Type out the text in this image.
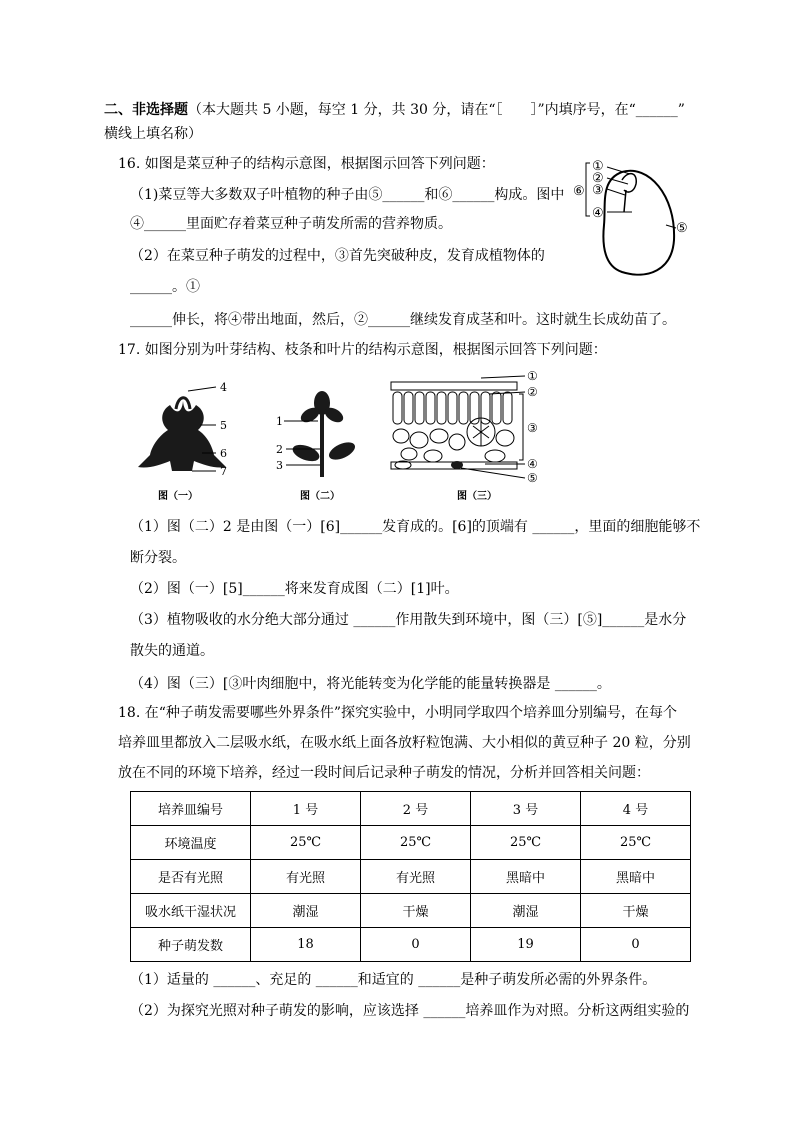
二、非选择题（本大题共 5 小题，每空 1 分，共 30 分，请在“［　　］”内填序号，在“______”
横线上填名称）
16. 如图是菜豆种子的结构示意图，根据图示回答下列问题：
（1)菜豆等大多数双子叶植物的种子由⑤______和⑥______构成。图中
④______里面贮存着菜豆种子萌发所需的营养物质。
（2）在菜豆种子萌发的过程中，③首先突破种皮，发育成植物体的
______。①
______伸长，将④带出地面，然后，②______继续发育成茎和叶。这时就生长成幼苗了。
①
②
③
④
⑤
⑥
17. 如图分别为叶芽结构、枝条和叶片的结构示意图，根据图示回答下列问题：
4
5
6
7
图（一）
1
2
3
图（二）
①
②
③
④
⑤
图（三）
（1）图（二）2 是由图（一）[6]______发育成的。[6]的顶端有 ______，里面的细胞能够不
断分裂。
（2）图（一）[5]______将来发育成图（二）[1]叶。
（3）植物吸收的水分绝大部分通过 ______作用散失到环境中，图（三）[⑤]______是水分
散失的通道。
（4）图（三）[③叶肉细胞中，将光能转变为化学能的能量转换器是 ______。
18. 在“种子萌发需要哪些外界条件”探究实验中，小明同学取四个培养皿分别编号，在每个
培养皿里都放入二层吸水纸，在吸水纸上面各放籽粒饱满、大小相似的黄豆种子 20 粒，分别
放在不同的环境下培养，经过一段时间后记录种子萌发的情况，分析并回答相关问题：
培养皿编号	1 号	2 号	3 号	4 号
环境温度	25℃	25℃	25℃	25℃
是否有光照	有光照	有光照	黑暗中	黑暗中
吸水纸干湿状况	潮湿	干燥	潮湿	干燥
种子萌发数	18	0	19	0
（1）适量的 ______、充足的 ______和适宜的 ______是种子萌发所必需的外界条件。
（2）为探究光照对种子萌发的影响，应该选择 ______培养皿作为对照。分析这两组实验的
